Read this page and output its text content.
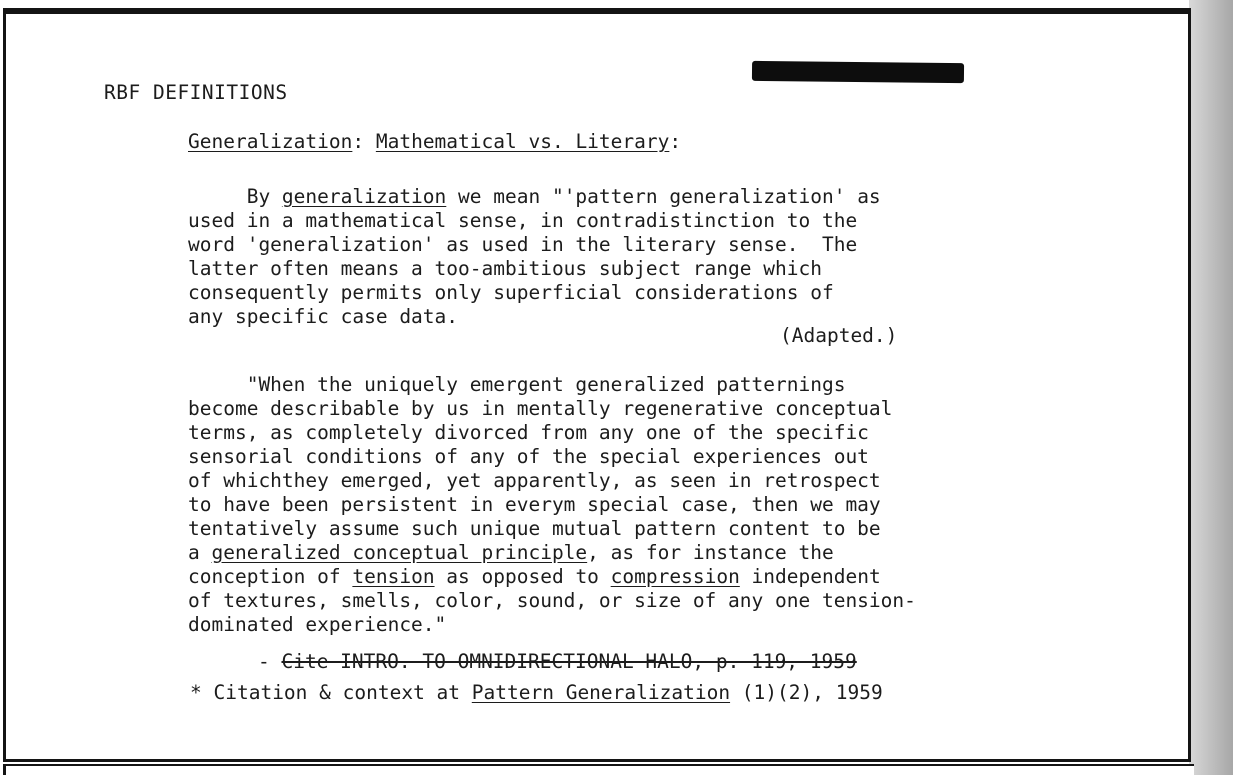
RBF DEFINITIONS

Generalization: Mathematical vs. Literary:

By generalization we mean "'pattern generalization' as
used in a mathematical sense, in contradistinction to the
word 'generalization' as used in the literary sense.  The
latter often means a too-ambitious subject range which
consequently permits only superficial considerations of
any specific case data.

(Adapted.)

"When the uniquely emergent generalized patternings
become describable by us in mentally regenerative conceptual
terms, as completely divorced from any one of the specific
sensorial conditions of any of the special experiences out
of whichthey emerged, yet apparently, as seen in retrospect
to have been persistent in everym special case, then we may
tentatively assume such unique mutual pattern content to be
a generalized conceptual principle, as for instance the
conception of tension as opposed to compression independent
of textures, smells, color, sound, or size of any one tension-
dominated experience."

- Cite INTRO. TO OMNIDIRECTIONAL HALO, p. 119, 1959

* Citation & context at Pattern Generalization (1)(2), 1959
